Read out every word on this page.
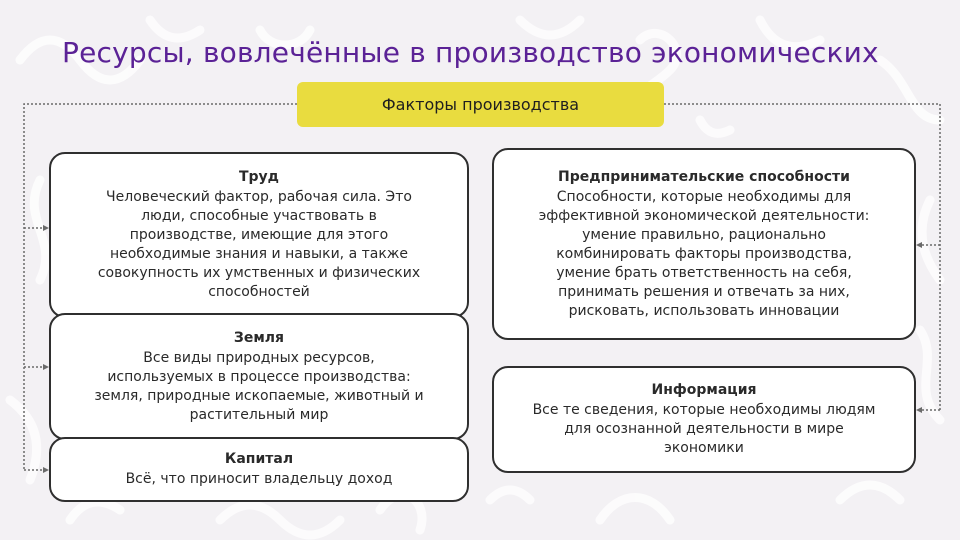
Ресурсы, вовлечённые в производство экономических
Факторы производства
Труд
Человеческий фактор, рабочая сила. Это
люди, способные участвовать в
производстве, имеющие для этого
необходимые знания и навыки, а также
совокупность их умственных и физических
способностей
Земля
Все виды природных ресурсов,
используемых в процессе производства:
земля, природные ископаемые, животный и
растительный мир
Капитал
Всё, что приносит владельцу доход
Предпринимательские способности
Способности, которые необходимы для
эффективной экономической деятельности:
умение правильно, рационально
комбинировать факторы производства,
умение брать ответственность на себя,
принимать решения и отвечать за них,
рисковать, использовать инновации
Информация
Все те сведения, которые необходимы людям
для осознанной деятельности в мире
экономики
